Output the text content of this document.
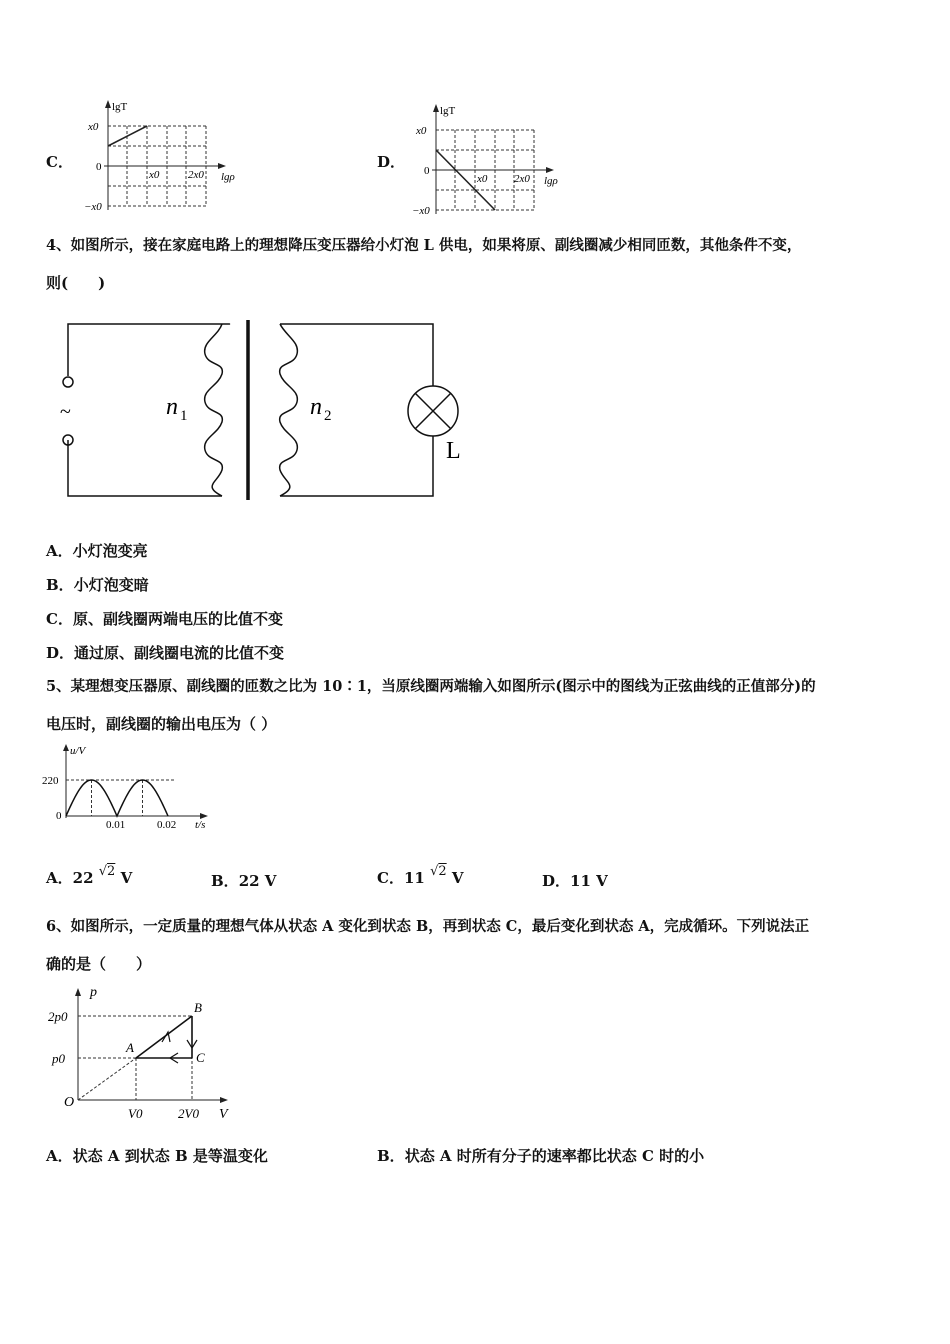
C．
lgT
lgρ
x0
0
−x0
x0	2x0
D．
lgT
lgρ
x0
0
−x0
x0 2x0
4、如图所示，接在家庭电路上的理想降压变压器给小灯泡 L 供电，如果将原、副线圈减少相同匝数，其他条件不变，
则(　　)
~	n 1	n 2
L
A．小灯泡变亮
B．小灯泡变暗
C．原、副线圈两端电压的比值不变
D．通过原、副线圈电流的比值不变
5、某理想变压器原、副线圈的匝数之比为 10∶1，当原线圈两端输入如图所示(图示中的图线为正弦曲线的正值部分)的
电压时，副线圈的输出电压为（ ）
u/V
t/s
220
0
0.01	0.02
A．22 √2 V	B．22 V	C．11 √2 V	D．11 V
6、如图所示，一定质量的理想气体从状态 A 变化到状态 B，再到状态 C，最后变化到状态 A，完成循环。下列说法正
确的是（　　）
p
V
O
2p0
p0
V0	2V0
A
B
C
A．状态 A 到状态 B 是等温变化	B．状态 A 时所有分子的速率都比状态 C 时的小
